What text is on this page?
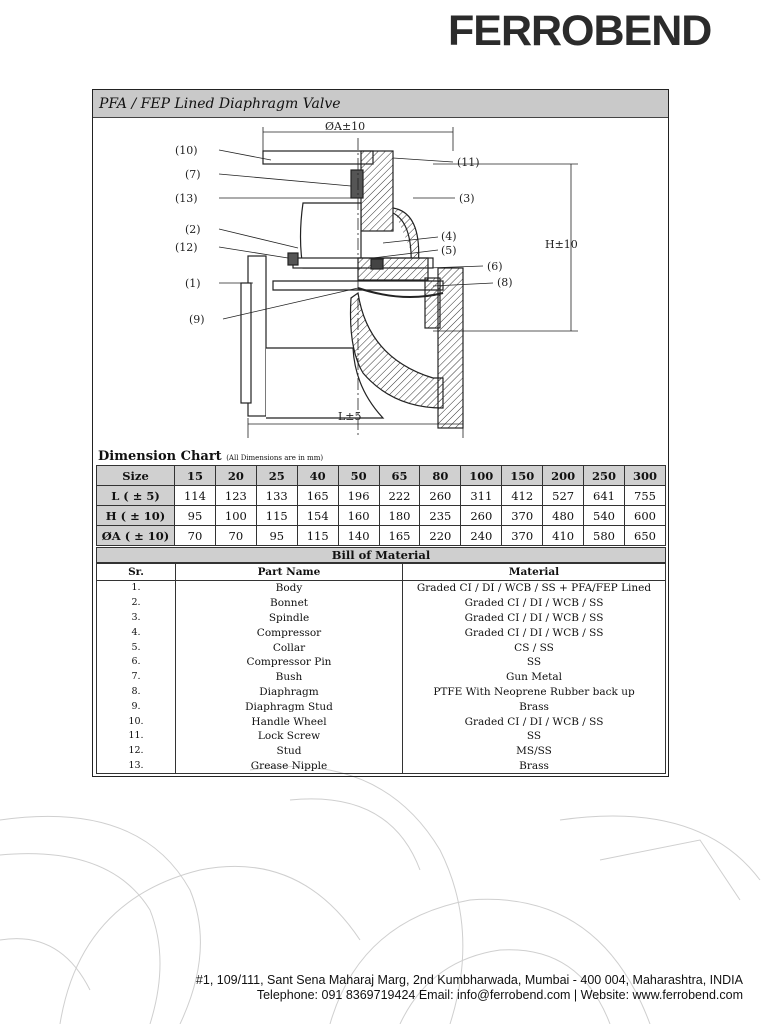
FERROBEND
PFA / FEP Lined Diaphragm Valve
(10)
(7)
(13)
(2)
(12)
(1)
(9)
(11)
(3)
(4)
(5)
(6)
(8)
ØA±10
H±10
L±5
Dimension Chart (All Dimensions are in mm)
Size	15	20	25	40	50	65	80	100	150	200	250	300
L ( ± 5)	114	123	133	165	196	222	260	311	412	527	641	755
H ( ± 10)	95	100	115	154	160	180	235	260	370	480	540	600
ØA ( ± 10)	70	70	95	115	140	165	220	240	370	410	580	650
Bill of Material
Sr.	Part Name	Material
1.	Body	Graded CI / DI / WCB / SS + PFA/FEP Lined
2.	Bonnet	Graded CI / DI / WCB / SS
3.	Spindle	Graded CI / DI / WCB / SS
4.	Compressor	Graded CI / DI / WCB / SS
5.	Collar	CS / SS
6.	Compressor Pin	SS
7.	Bush	Gun Metal
8.	Diaphragm	PTFE With Neoprene Rubber back up
9.	Diaphragm Stud	Brass
10.	Handle Wheel	Graded CI / DI / WCB / SS
11.	Lock Screw	SS
12.	Stud	MS/SS
13.	Grease Nipple	Brass
#1, 109/111, Sant Sena Maharaj Marg, 2nd Kumbharwada, Mumbai - 400 004, Maharashtra, INDIA
Telephone: 091 8369719424 Email: info@ferrobend.com | Website: www.ferrobend.com
